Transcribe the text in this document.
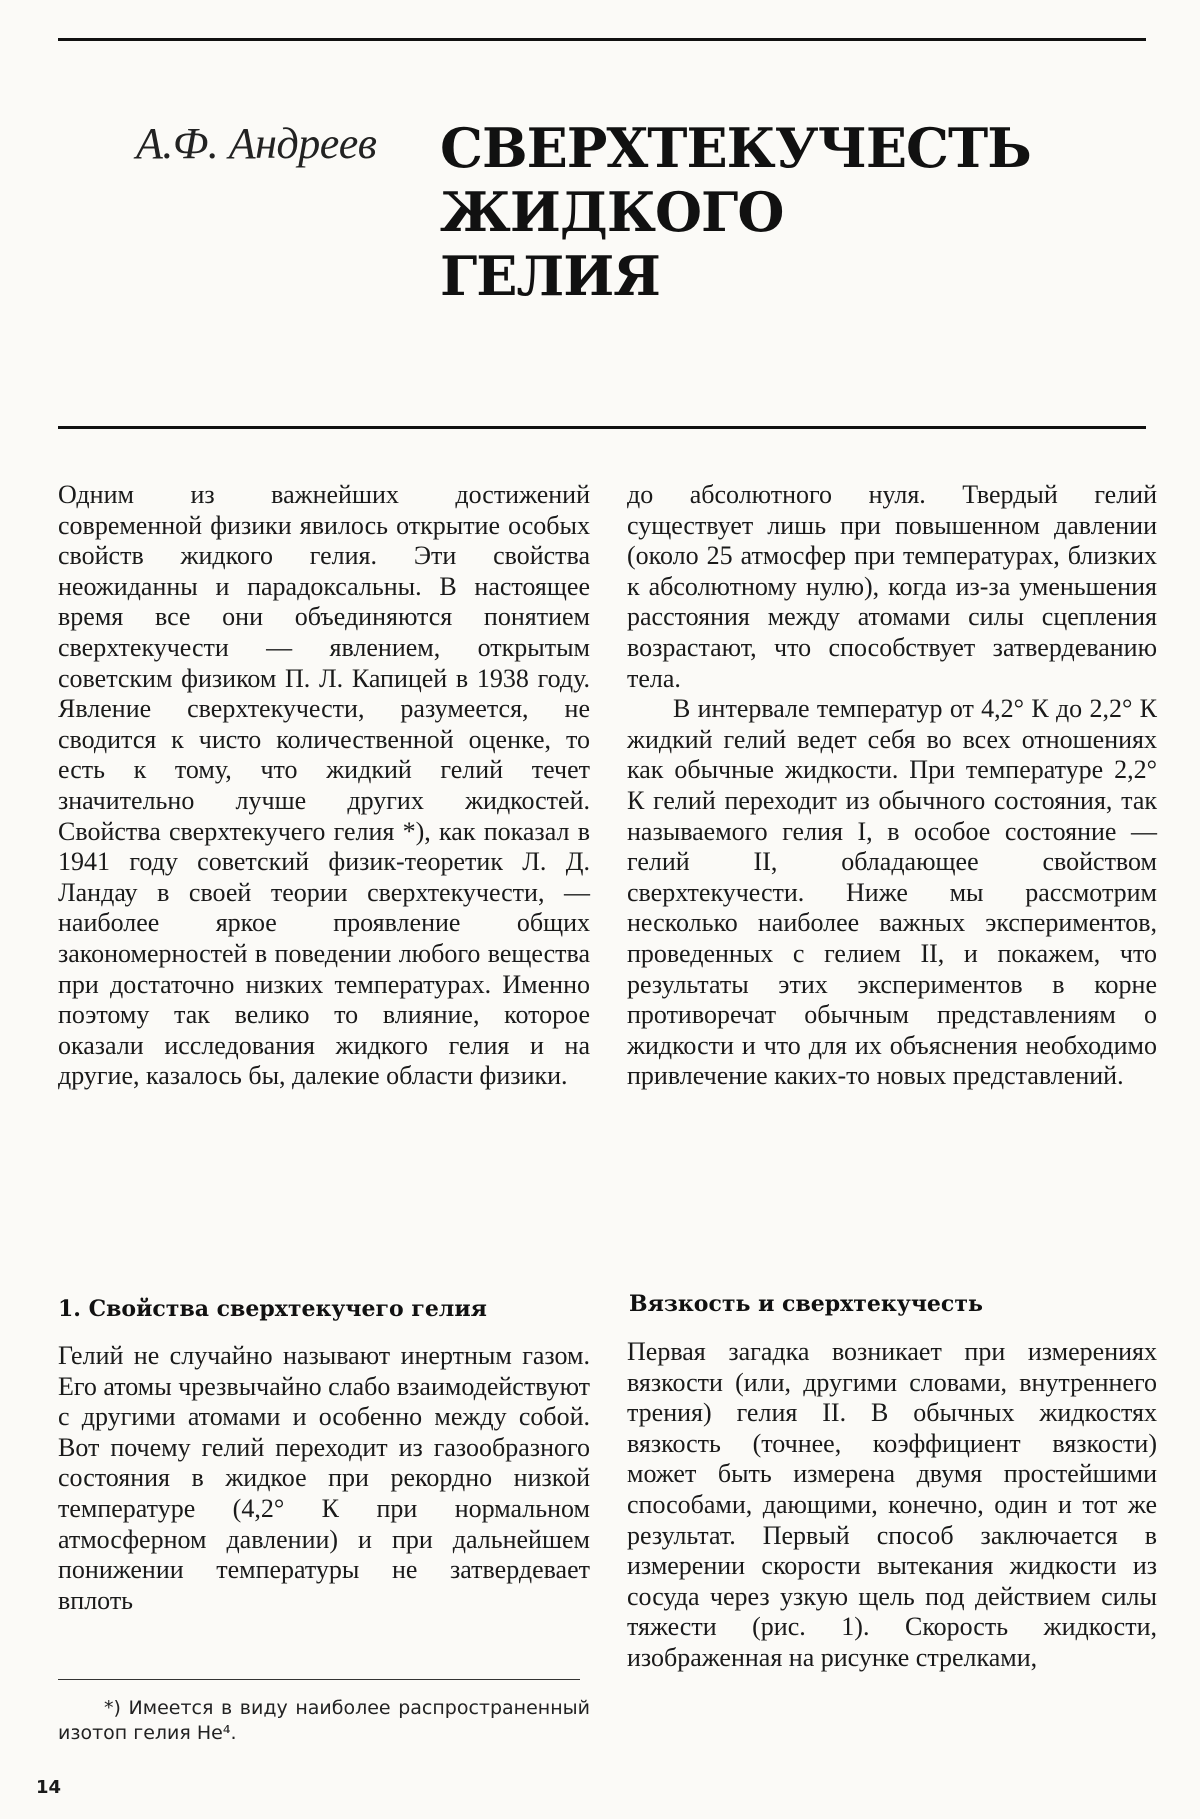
А.Ф. Андреев СВЕРХТЕКУЧЕСТЬ
ЖИДКОГО
ГЕЛИЯ

Одним из важнейших достижений современной физики явилось открытие особых свойств жидкого гелия. Эти свойства неожиданны и парадоксальны. В настоящее время все они объединяются понятием сверхтекучести — явлением, открытым советским физиком П. Л. Капицей в 1938 году. Явление сверхтекучести, разумеется, не сводится к чисто количественной оценке, то есть к тому, что жидкий гелий течет значительно лучше других жидкостей. Свойства сверхтекучего гелия *), как показал в 1941 году советский физик-теоретик Л. Д. Ландау в своей теории сверхтекучести, — наиболее яркое проявление общих закономерностей в поведении любого вещества при достаточно низких температурах. Именно поэтому так велико то влияние, которое оказали исследования жидкого гелия и на другие, казалось бы, далекие области физики.

до абсолютного нуля. Твердый гелий существует лишь при повышенном давлении (около 25 атмосфер при температурах, близких к абсолютному нулю), когда из-за уменьшения расстояния между атомами силы сцепления возрастают, что способствует затвердеванию тела.

В интервале температур от 4,2° К до 2,2° К жидкий гелий ведет себя во всех отношениях как обычные жидкости. При температуре 2,2° К гелий переходит из обычного состояния, так называемого гелия I, в особое состояние — гелий II, обладающее свойством сверхтекучести. Ниже мы рассмотрим несколько наиболее важных экспериментов, проведенных с гелием II, и покажем, что результаты этих экспериментов в корне противоречат обычным представлениям о жидкости и что для их объяснения необходимо привлечение каких-то новых представлений.

1. Свойства сверхтекучего гелия

Гелий не случайно называют инертным газом. Его атомы чрезвычайно слабо взаимодействуют с другими атомами и особенно между собой. Вот почему гелий переходит из газообразного состояния в жидкое при рекордно низкой температуре (4,2° К при нормальном атмосферном давлении) и при дальнейшем понижении температуры не затвердевает вплоть

Вязкость и сверхтекучесть

Первая загадка возникает при измерениях вязкости (или, другими словами, внутреннего трения) гелия II. В обычных жидкостях вязкость (точнее, коэффициент вязкости) может быть измерена двумя простейшими способами, дающими, конечно, один и тот же результат. Первый способ заключается в измерении скорости вытекания жидкости из сосуда через узкую щель под действием силы тяжести (рис. 1). Скорость жидкости, изображенная на рисунке стрелками,

*) Имеется в виду наиболее распространенный изотоп гелия He⁴.

14
